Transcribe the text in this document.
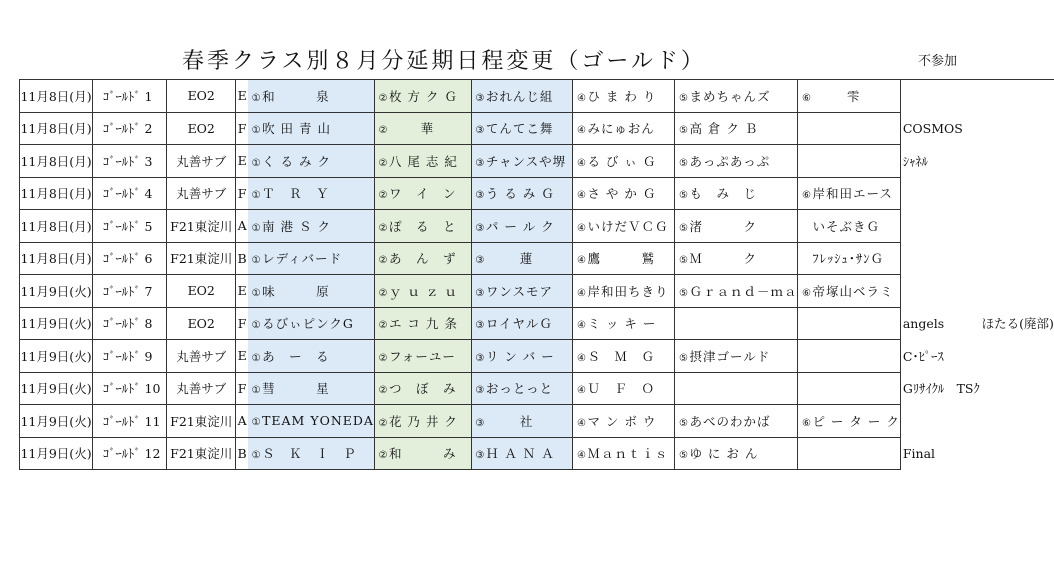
春季クラス別８月分延期日程変更（ゴールド）	不参加
11月8日(月)	ｺﾞｰﾙﾄﾞ 1	EO2	E	①和　　　泉	②枚 方 ク Ｇ	③おれんじ組	④ひ ま わ り	⑤まめちゃんズ	⑥ 雫	
11月8日(月)	ｺﾞｰﾙﾄﾞ 2	EO2	F	①吹 田 青 山	② 華	③てんてこ舞	④みにゅおん	⑤高 倉 ク Ｂ		COSMOS
11月8日(月)	ｺﾞｰﾙﾄﾞ 3	丸善サブ	E	①く る み ク	②八 尾 志 紀	③チャンスや堺	④る び ぃ Ｇ	⑤あっぷあっぷ		ｼｬﾈﾙ
11月8日(月)	ｺﾞｰﾙﾄﾞ 4	丸善サブ	F	①Ｔ　Ｒ　Ｙ	②ワ　イ　ン	③う る み Ｇ	④さ や か Ｇ	⑤も　み　じ	⑥岸和田エース	
11月8日(月)	ｺﾞｰﾙﾄﾞ 5	F21東淀川	A	①南 港 Ｓ ク	②ぽ　る　と	③パ ー ル ク	④いけだＶＣＧ	⑤渚　　　ク	いそぶきＧ	
11月8日(月)	ｺﾞｰﾙﾄﾞ 6	F21東淀川	B	①レディバード	②あ　ん　ず	③ 蓮	④鷹　　　鷲	⑤Ｍ　　　ク	ﾌﾚｯｼｭ･ｻﾝＧ	
11月9日(火)	ｺﾞｰﾙﾄﾞ 7	EO2	E	①味　　　原	②ｙ ｕ ｚ ｕ	③ワンスモア	④岸和田ちきり	⑤Ｇｒａｎｄ－ｍａ	⑥帝塚山ベラミ	
11月9日(火)	ｺﾞｰﾙﾄﾞ 8	EO2	F	①るびぃピンクG	②エ コ 九 条	③ロイヤルＧ	④ミ ッ キ ー			angels　　　ほたる(廃部)
11月9日(火)	ｺﾞｰﾙﾄﾞ 9	丸善サブ	E	①あ　ー　る	②フォーユー	③リ ン バ ー	④Ｓ　Ｍ　Ｇ	⑤摂津ゴールド		C･ﾋﾟｰｽ
11月9日(火)	ｺﾞｰﾙﾄﾞ 10	丸善サブ	F	①彗　　　星	②つ　ぼ　み	③おっとっと	④Ｕ　Ｆ　Ｏ			Gﾘｻｲｸﾙ　TSｸ
11月9日(火)	ｺﾞｰﾙﾄﾞ 11	F21東淀川	A	①TEAM YONEDA	②花 乃 井 ク	③ 社	④マ ン ボ ウ	⑤あべのわかば	⑥ピ ー タ ー ク	
11月9日(火)	ｺﾞｰﾙﾄﾞ 12	F21東淀川	B	①Ｓ　Ｋ　Ｉ　Ｐ	②和　　　み	③Ｈ Ａ Ｎ Ａ	④Ｍａｎｔｉｓ	⑤ゆ に お ん		Final
